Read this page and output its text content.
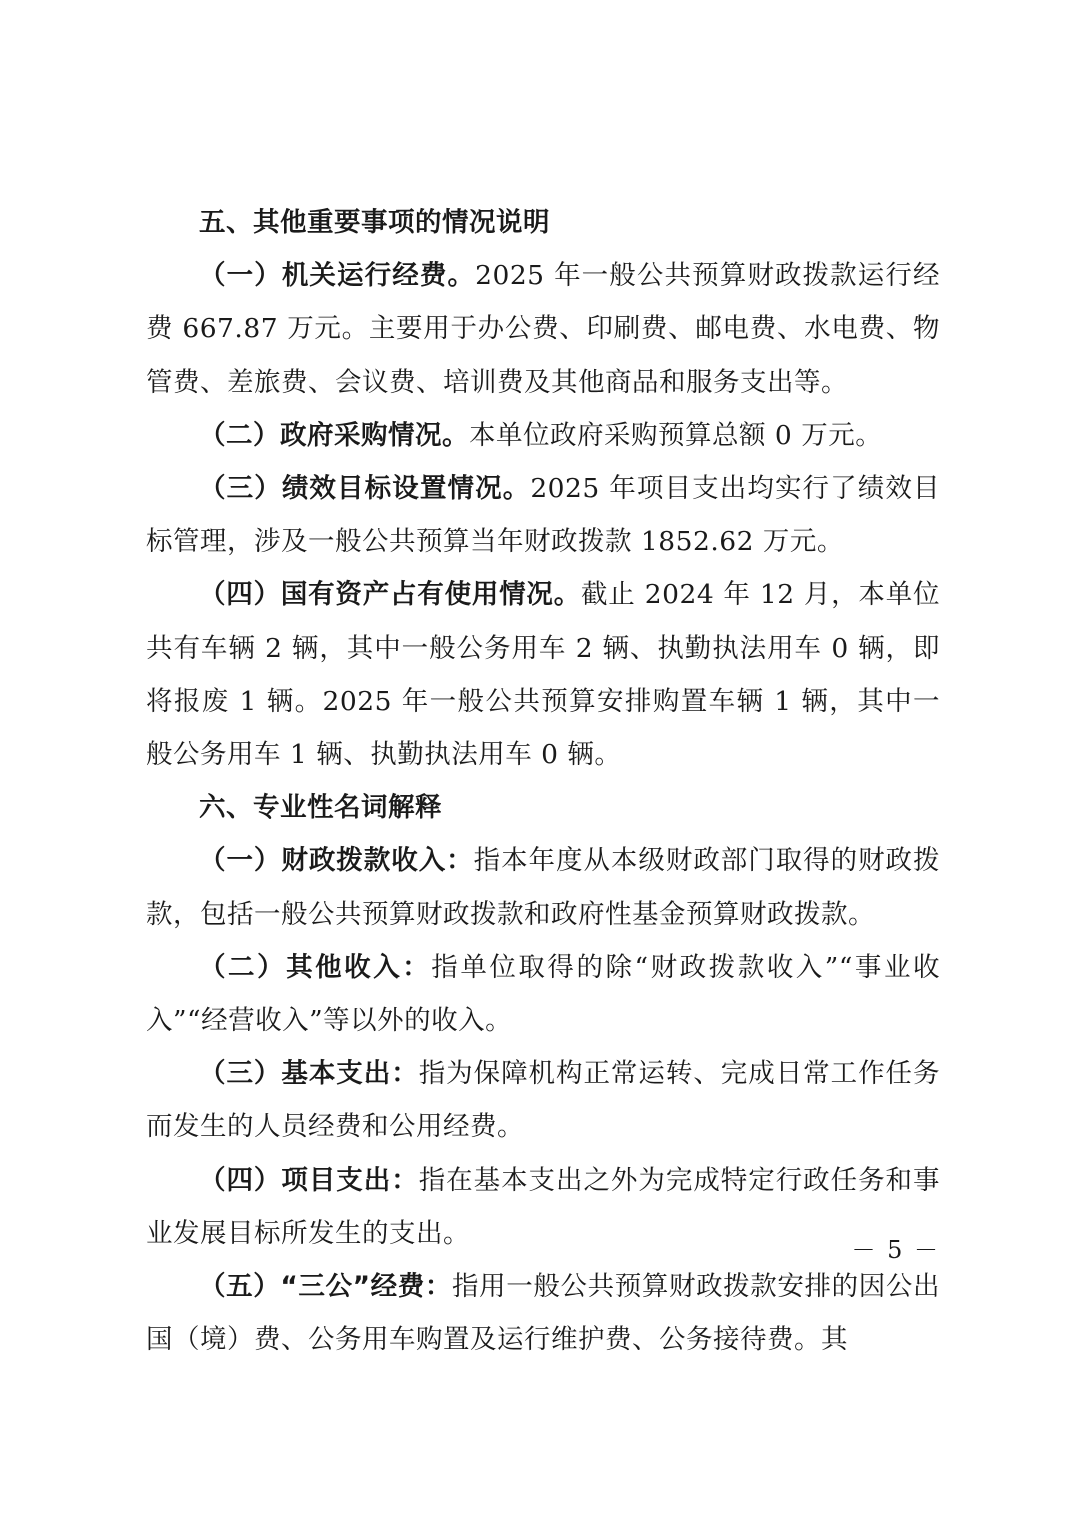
五、其他重要事项的情况说明

（一）机关运行经费。2025 年一般公共预算财政拨款运行经费 667.87 万元。主要用于办公费、印刷费、邮电费、水电费、物管费、差旅费、会议费、培训费及其他商品和服务支出等。

（二）政府采购情况。本单位政府采购预算总额 0 万元。

（三）绩效目标设置情况。2025 年项目支出均实行了绩效目标管理，涉及一般公共预算当年财政拨款 1852.62 万元。

（四）国有资产占有使用情况。截止 2024 年 12 月，本单位共有车辆 2 辆，其中一般公务用车 2 辆、执勤执法用车 0 辆，即将报废 1 辆。2025 年一般公共预算安排购置车辆 1 辆，其中一般公务用车 1 辆、执勤执法用车 0 辆。

六、专业性名词解释

（一）财政拨款收入：指本年度从本级财政部门取得的财政拨款，包括一般公共预算财政拨款和政府性基金预算财政拨款。

（二）其他收入：指单位取得的除“财政拨款收入”“事业收入”“经营收入”等以外的收入。

（三）基本支出：指为保障机构正常运转、完成日常工作任务而发生的人员经费和公用经费。

（四）项目支出：指在基本支出之外为完成特定行政任务和事业发展目标所发生的支出。

（五）“三公”经费：指用一般公共预算财政拨款安排的因公出国（境）费、公务用车购置及运行维护费、公务接待费。其

－ 5 －
